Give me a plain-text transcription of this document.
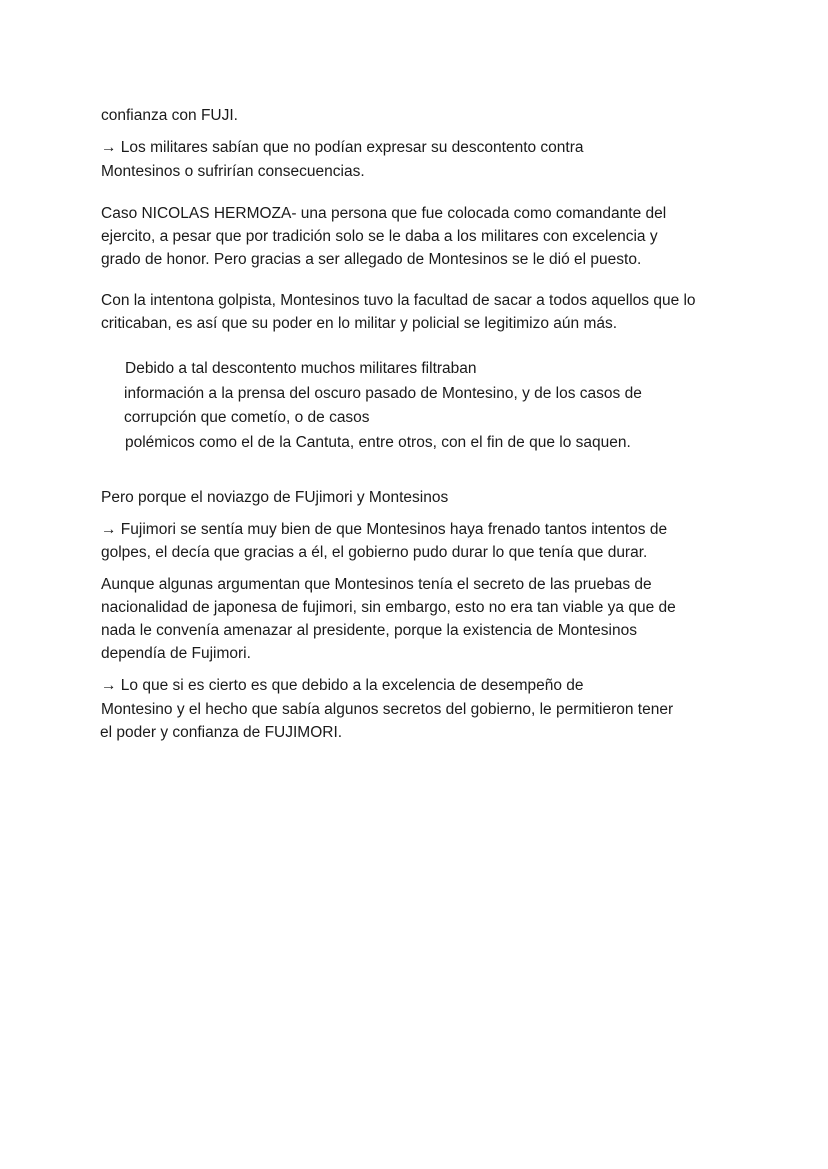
confianza con FUJI.
→ Los militares sabían que no podían expresar su descontento contra
Montesinos o sufrirían consecuencias.
Caso NICOLAS HERMOZA- una persona que fue colocada como comandante del
ejercito, a pesar que por tradición solo se le daba a los militares con excelencia y
grado de honor. Pero gracias a ser allegado de Montesinos se le dió el puesto.
Con la intentona golpista, Montesinos tuvo la facultad de sacar a todos aquellos que lo
criticaban, es así que su poder en lo militar y policial se legitimizo aún más.
Debido a tal descontento muchos militares filtraban
información a la prensa del oscuro pasado de Montesino, y de los casos de
corrupción que cometío, o de casos
polémicos como el de la Cantuta, entre otros, con el fin de que lo saquen.
Pero porque el noviazgo de FUjimori y Montesinos
→ Fujimori se sentía muy bien de que Montesinos haya frenado tantos intentos de
golpes, el decía que gracias a él, el gobierno pudo durar lo que tenía que durar.
Aunque algunas argumentan que Montesinos tenía el secreto de las pruebas de
nacionalidad de japonesa de fujimori, sin embargo, esto no era tan viable ya que de
nada le convenía amenazar al presidente, porque la existencia de Montesinos
dependía de Fujimori.
→ Lo que si es cierto es que debido a la excelencia de desempeño de
Montesino y el hecho que sabía algunos secretos del gobierno, le permitieron tener
el poder y confianza de FUJIMORI.
